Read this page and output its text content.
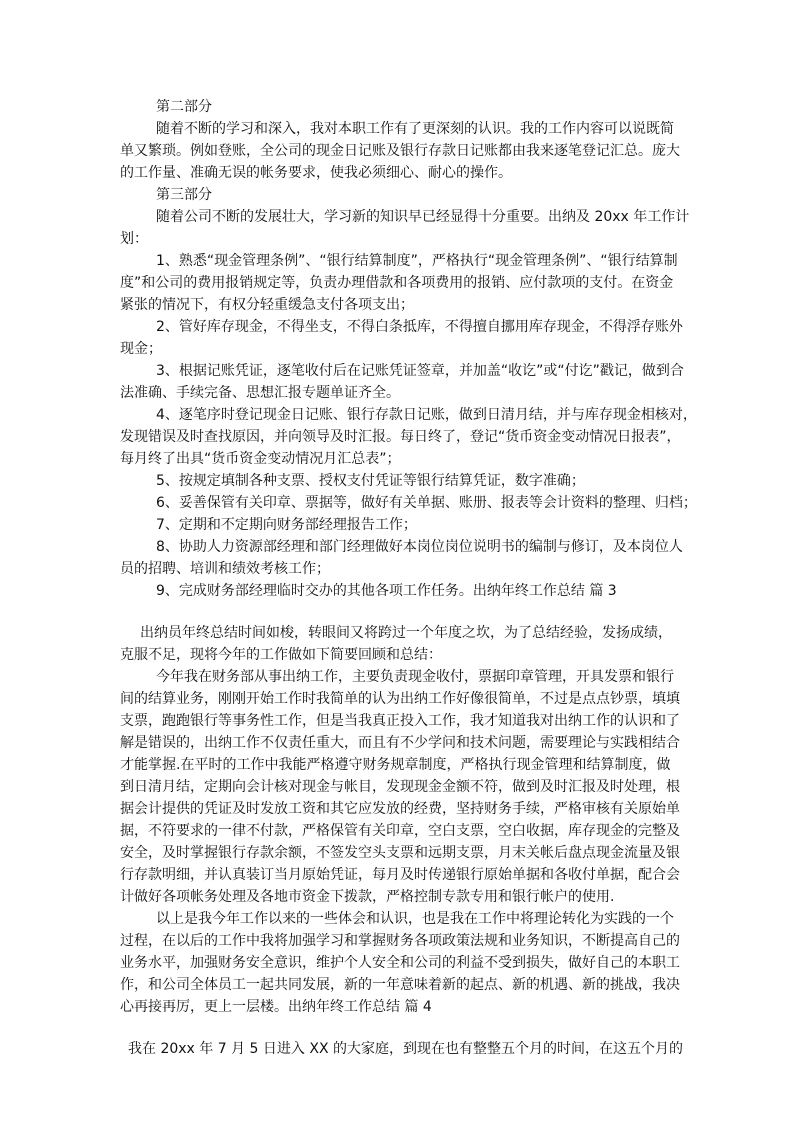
第二部分
随着不断的学习和深入，我对本职工作有了更深刻的认识。我的工作内容可以说既简
单又繁琐。例如登账，全公司的现金日记账及银行存款日记账都由我来逐笔登记汇总。庞大
的工作量、准确无误的帐务要求，使我必须细心、耐心的操作。
第三部分
随着公司不断的发展壮大，学习新的知识早已经显得十分重要。出纳及 20xx 年工作计
划：
1、熟悉“现金管理条例”、“银行结算制度”，严格执行“现金管理条例”、“银行结算制
度”和公司的费用报销规定等，负责办理借款和各项费用的报销、应付款项的支付。在资金
紧张的情况下，有权分轻重缓急支付各项支出；
2、管好库存现金，不得坐支，不得白条抵库，不得擅自挪用库存现金，不得浮存账外
现金；
3、根据记账凭证，逐笔收付后在记账凭证签章，并加盖“收讫”或“付讫”戳记，做到合
法准确、手续完备、思想汇报专题单证齐全。
4、逐笔序时登记现金日记账、银行存款日记账，做到日清月结，并与库存现金相核对，
发现错误及时查找原因，并向领导及时汇报。每日终了，登记“货币资金变动情况日报表”，
每月终了出具“货币资金变动情况月汇总表”；
5、按规定填制各种支票、授权支付凭证等银行结算凭证，数字准确；
6、妥善保管有关印章、票据等，做好有关单据、账册、报表等会计资料的整理、归档；
7、定期和不定期向财务部经理报告工作；
8、协助人力资源部经理和部门经理做好本岗位岗位说明书的编制与修订，及本岗位人
员的招聘、培训和绩效考核工作；
9、完成财务部经理临时交办的其他各项工作任务。出纳年终工作总结 篇 3
出纳员年终总结时间如梭，转眼间又将跨过一个年度之坎，为了总结经验，发扬成绩，
克服不足，现将今年的工作做如下简要回顾和总结：
今年我在财务部从事出纳工作，主要负责现金收付，票据印章管理，开具发票和银行
间的结算业务，刚刚开始工作时我简单的认为出纳工作好像很简单，不过是点点钞票，填填
支票，跑跑银行等事务性工作，但是当我真正投入工作，我才知道我对出纳工作的认识和了
解是错误的，出纳工作不仅责任重大，而且有不少学问和技术问题，需要理论与实践相结合
才能掌握.在平时的工作中我能严格遵守财务规章制度，严格执行现金管理和结算制度，做
到日清月结，定期向会计核对现金与帐目，发现现金金额不符，做到及时汇报及时处理，根
据会计提供的凭证及时发放工资和其它应发放的经费，坚持财务手续，严格审核有关原始单
据，不符要求的一律不付款，严格保管有关印章，空白支票，空白收据，库存现金的完整及
安全，及时掌握银行存款余额，不签发空头支票和远期支票，月末关帐后盘点现金流量及银
行存款明细，并认真装订当月原始凭证，每月及时传递银行原始单据和各收付单据，配合会
计做好各项帐务处理及各地市资金下拨款，严格控制专款专用和银行帐户的使用.
以上是我今年工作以来的一些体会和认识，也是我在工作中将理论转化为实践的一个
过程，在以后的工作中我将加强学习和掌握财务各项政策法规和业务知识，不断提高自己的
业务水平，加强财务安全意识，维护个人安全和公司的利益不受到损失，做好自己的本职工
作，和公司全体员工一起共同发展，新的一年意味着新的起点、新的机遇、新的挑战，我决
心再接再厉，更上一层楼。出纳年终工作总结 篇 4
我在 20xx 年 7 月 5 日进入 XX 的大家庭，到现在也有整整五个月的时间，在这五个月的
